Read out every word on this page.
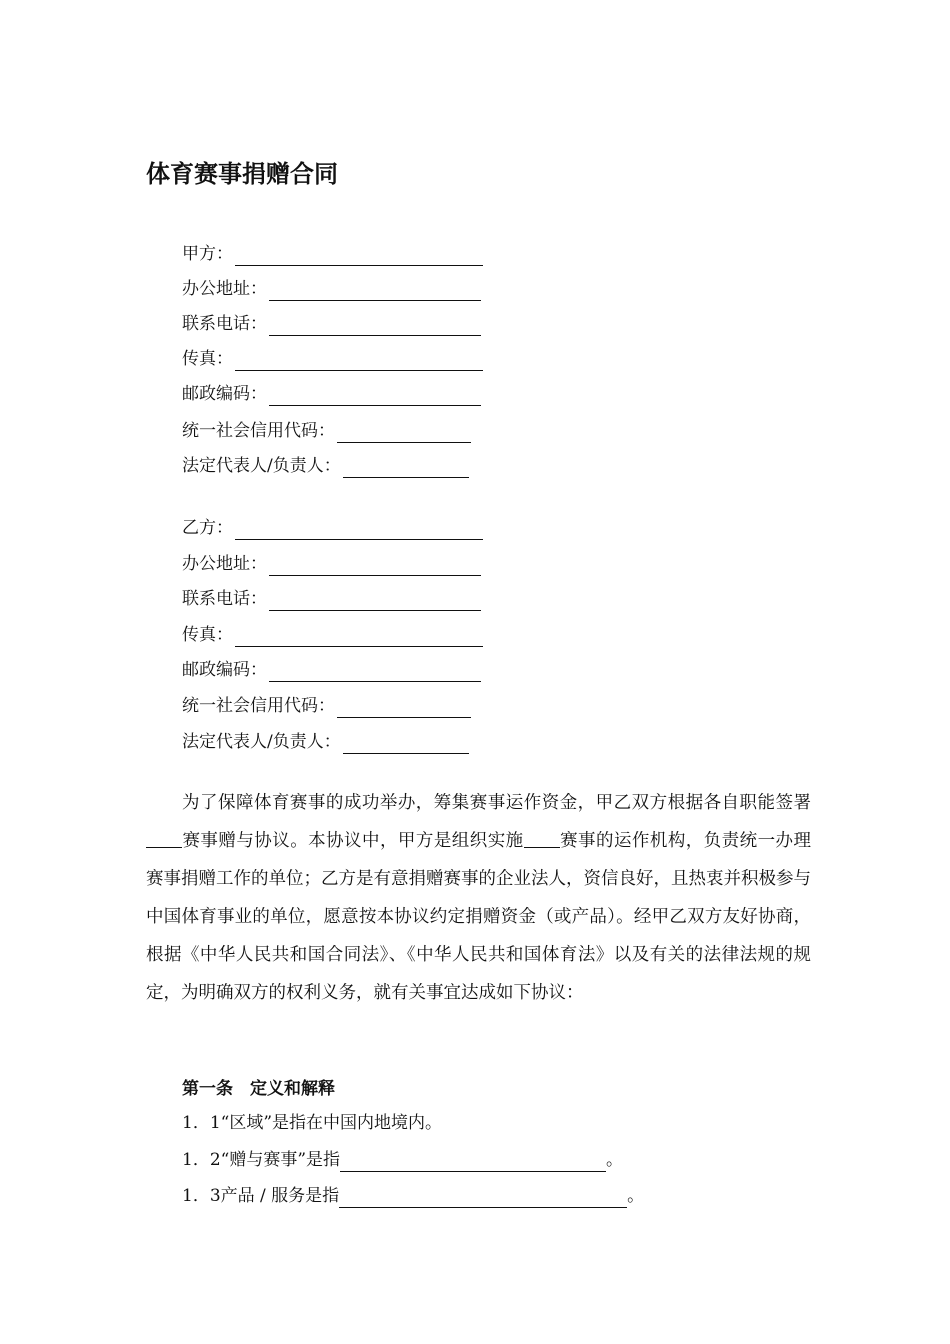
体育赛事捐赠合同
甲方：
办公地址：
联系电话：
传真：
邮政编码：
统一社会信用代码：
法定代表人/负责人：
乙方：
办公地址：
联系电话：
传真：
邮政编码：
统一社会信用代码：
法定代表人/负责人：
为了保障体育赛事的成功举办，筹集赛事运作资金，甲乙双方根据各自职能签署赛事赠与协议。本协议中，甲方是组织实施 赛事的运作机构，负责统一办理赛事捐赠工作的单位；乙方是有意捐赠赛事的企业法人，资信良好，且热衷并积极参与中国体育事业的单位，愿意按本协议约定捐赠资金（或产品）。经甲乙双方友好协商，根据《中华人民共和国合同法》、《中华人民共和国体育法》以及有关的法律法规的规定，为明确双方的权利义务，就有关事宜达成如下协议：
第一条　定义和解释
1．1“区域”是指在中国内地境内。
1．2“赠与赛事”是指	。
1．3产品 / 服务是指	。
